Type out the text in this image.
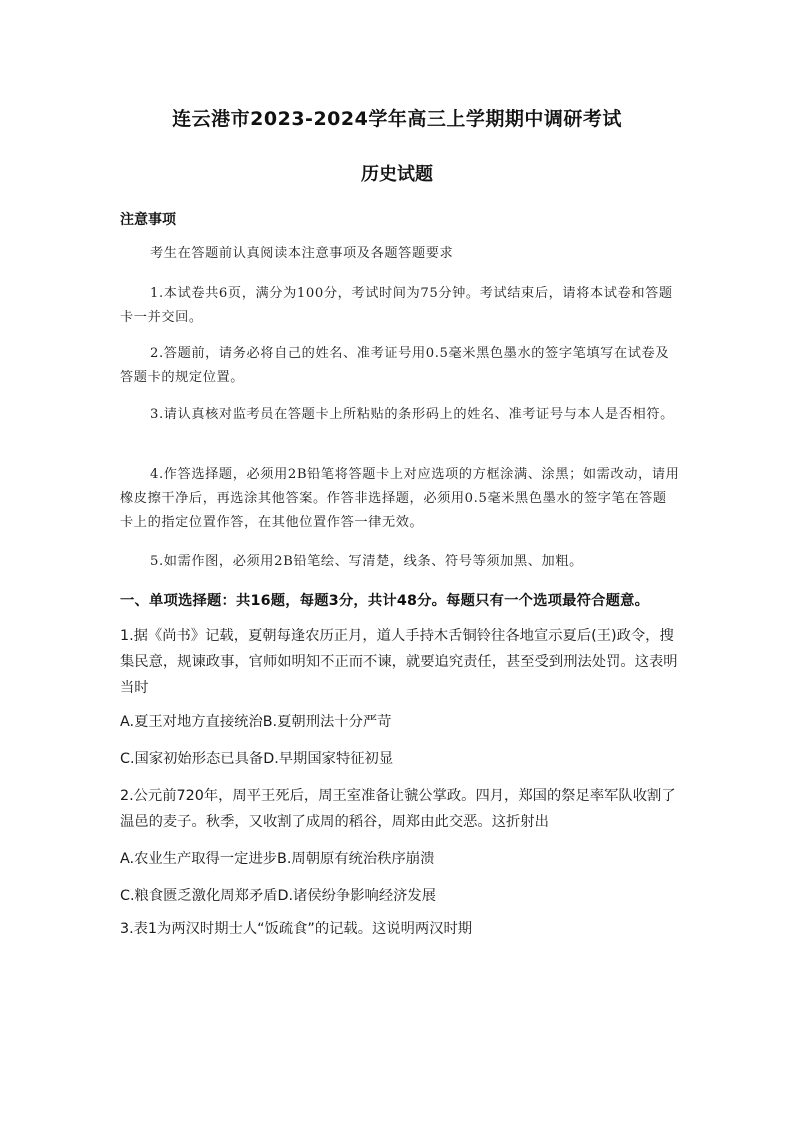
连云港市2023-2024学年高三上学期期中调研考试
历史试题
注意事项
考生在答题前认真阅读本注意事项及各题答题要求
1.本试卷共6页，满分为100分，考试时间为75分钟。考试结束后，请将本试卷和答题卡一并交回。
2.答题前，请务必将自己的姓名、准考证号用0.5毫米黑色墨水的签字笔填写在试卷及答题卡的规定位置。
3.请认真核对监考员在答题卡上所粘贴的条形码上的姓名、准考证号与本人是否相符。
4.作答选择题，必须用2B铅笔将答题卡上对应选项的方框涂满、涂黑；如需改动，请用橡皮擦干净后，再选涂其他答案。作答非选择题，必须用0.5毫米黑色墨水的签字笔在答题卡上的指定位置作答，在其他位置作答一律无效。
5.如需作图，必须用2B铅笔绘、写清楚，线条、符号等须加黑、加粗。
一、单项选择题：共16题，每题3分，共计48分。每题只有一个选项最符合题意。
1.据《尚书》记载，夏朝每逢农历正月，道人手持木舌铜铃往各地宣示夏后(王)政令，搜集民意，规谏政事，官师如明知不正而不谏，就要追究责任，甚至受到刑法处罚。这表明当时
A.夏王对地方直接统治B.夏朝刑法十分严苛
C.国家初始形态已具备D.早期国家特征初显
2.公元前720年，周平王死后，周王室准备让虢公掌政。四月，郑国的祭足率军队收割了温邑的麦子。秋季，又收割了成周的稻谷，周郑由此交恶。这折射出
A.农业生产取得一定进步B.周朝原有统治秩序崩溃
C.粮食匮乏激化周郑矛盾D.诸侯纷争影响经济发展
3.表1为两汉时期士人“饭疏食”的记载。这说明两汉时期
